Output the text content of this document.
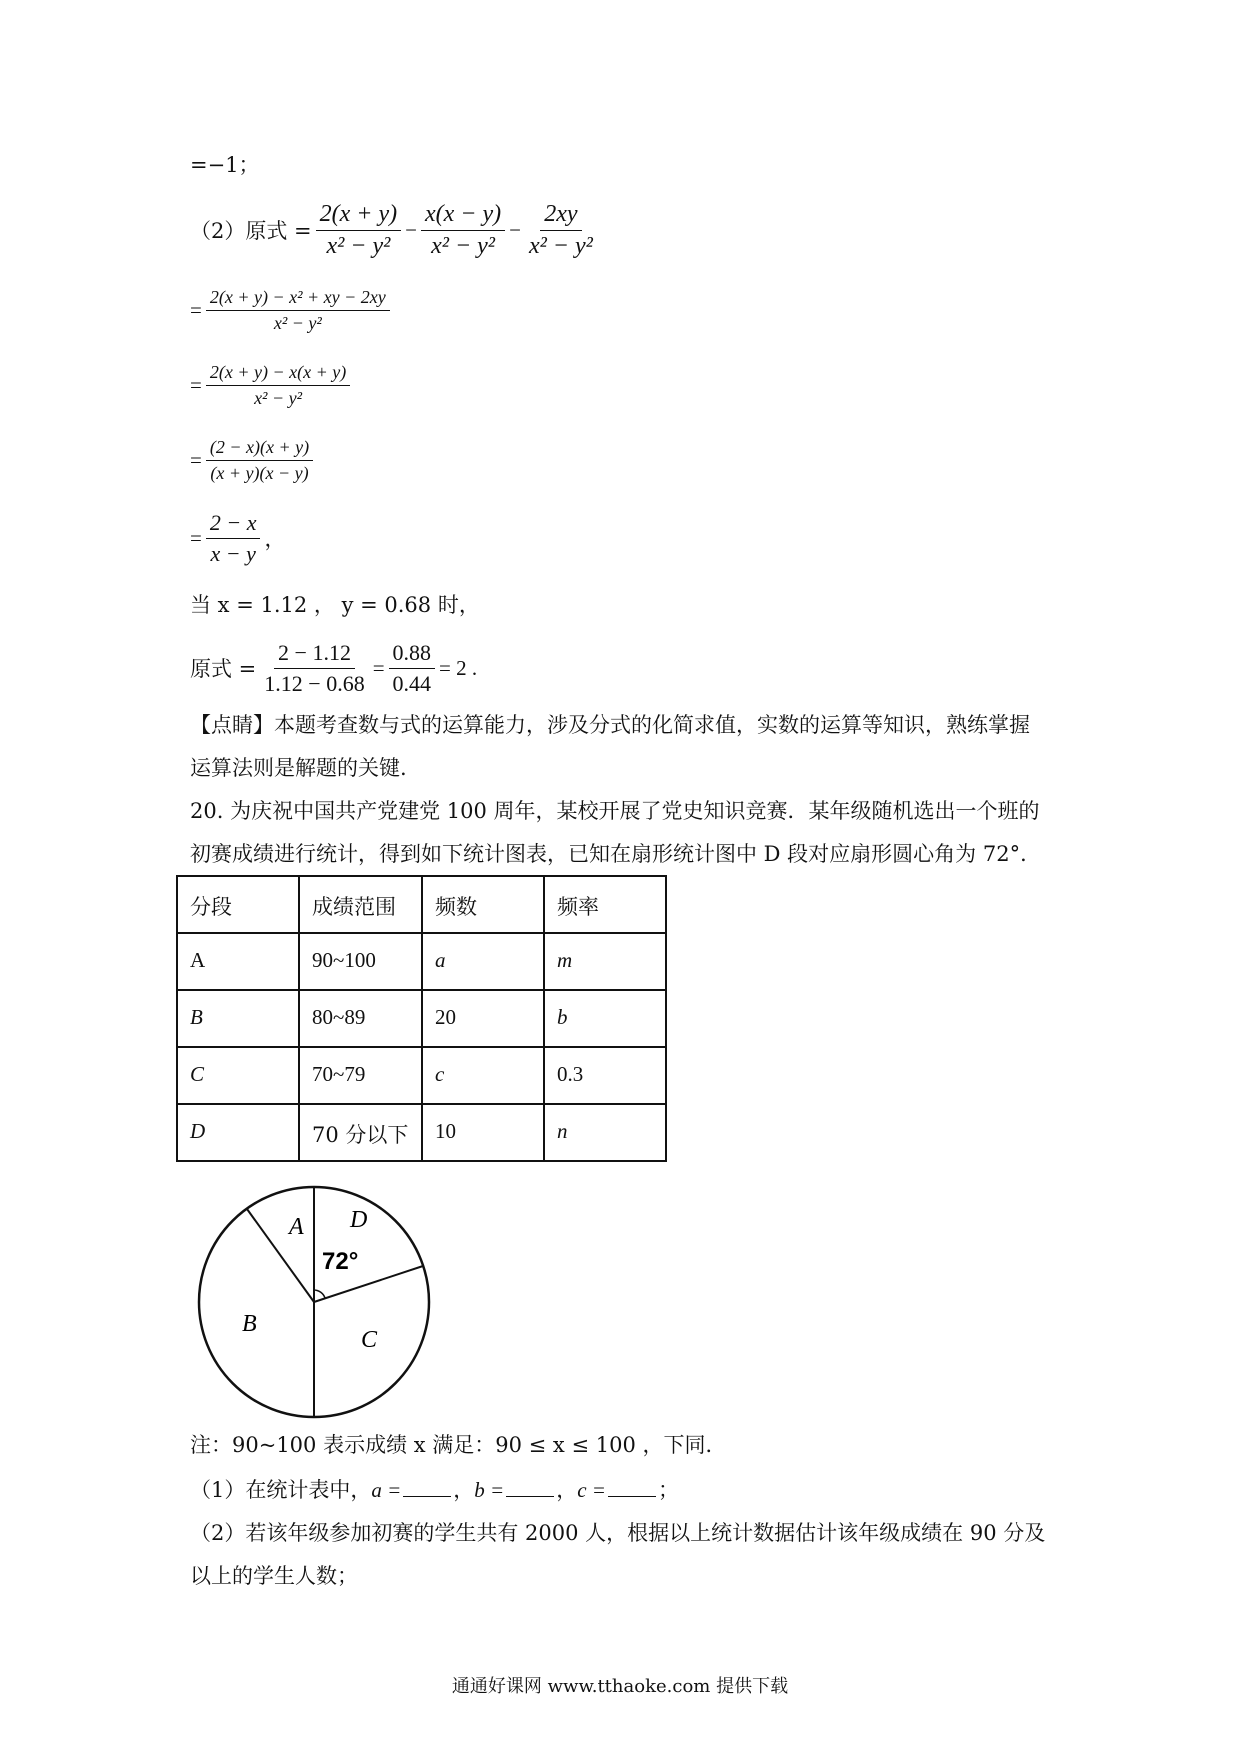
=−1；
（2）原式 = $\frac{2(x + y)}{\text{x² − y²}} - \frac{x(x - y)}{\text{x² − y²}} - \frac{2xy}{\text{x² − y²}}$
= $\frac{\text{2(x + y) − x² + xy − 2xy}}{\text{x² − y²}}$
= $\frac{2(x + y) - x(x + y)}{\text{x² − y²}}$
= $\frac{(2 - x)(x + y)}{(x + y)(x - y)}$
= $\frac{2 - x}{x - y}$ ，
当 x = 1.12 ， y = 0.68 时，
原式 = $\frac{2 - 1.12}{1.12 - 0.68} = \frac{0.88}{0.44} = 2$ .
【点睛】本题考查数与式的运算能力，涉及分式的化简求值，实数的运算等知识，熟练掌握
运算法则是解题的关键.
20. 为庆祝中国共产党建党 100 周年，某校开展了党史知识竞赛．某年级随机选出一个班的
初赛成绩进行统计，得到如下统计图表，已知在扇形统计图中 D 段对应扇形圆心角为 72°．
分段	成绩范围	频数	频率
A	90~100	a	m
B	80~89	20	b
C	70~79	c	0.3
D	70 分以下	10	n
A
B
C
D
72°
注：90~100 表示成绩 x 满足：90 ≤ x ≤ 100 ，下同．
（1）在统计表中，a = ，b = ，c = ；
（2）若该年级参加初赛的学生共有 2000 人，根据以上统计数据估计该年级成绩在 90 分及
以上的学生人数；
通通好课网 www.tthaoke.com 提供下载
